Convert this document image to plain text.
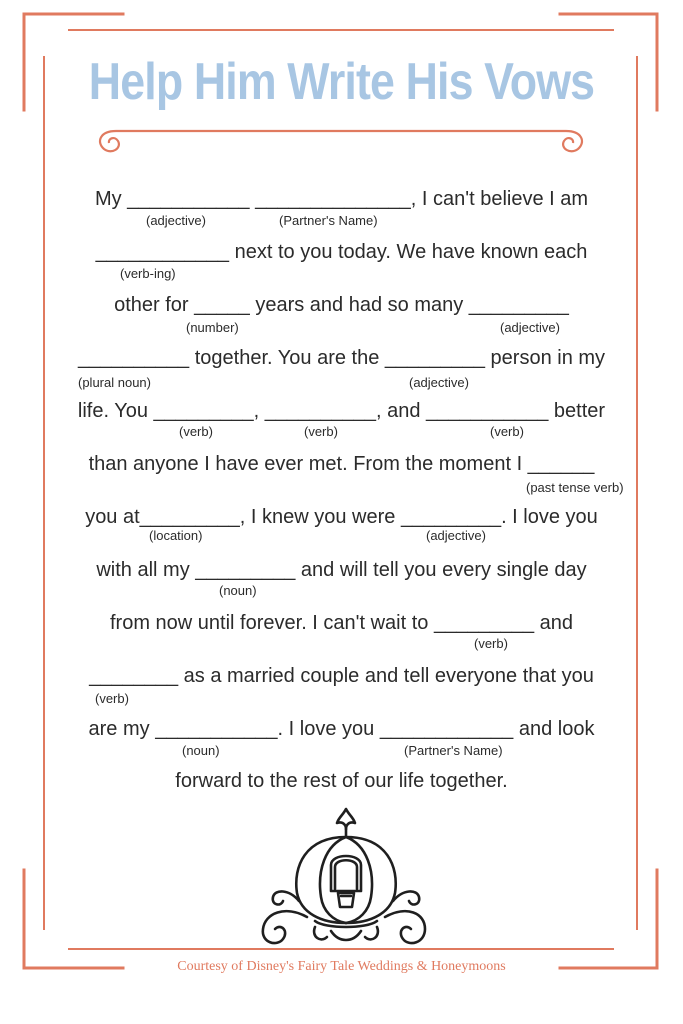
Help Him Write His Vows
My ___________ ______________, I can't believe I am
____________ next to you today. We have known each
other for _____ years and had so many _________
__________ together. You are the _________ person in my
life. You _________, __________, and ___________ better
than anyone I have ever met. From the moment I ______
you at_________, I knew you were _________. I love you
with all my _________ and will tell you every single day
from now until forever. I can't wait to _________ and
________ as a married couple and tell everyone that you
are my ___________. I love you ____________ and look
forward to the rest of our life together.
(adjective)	(Partner's Name)
(verb-ing)
(number)	(adjective)
(plural noun)	(adjective)
(verb)	(verb)	(verb)
(past tense verb)
(location)	(adjective)
(noun)
(verb)
(verb)
(noun)	(Partner's Name)
Courtesy of Disney's Fairy Tale Weddings & Honeymoons
